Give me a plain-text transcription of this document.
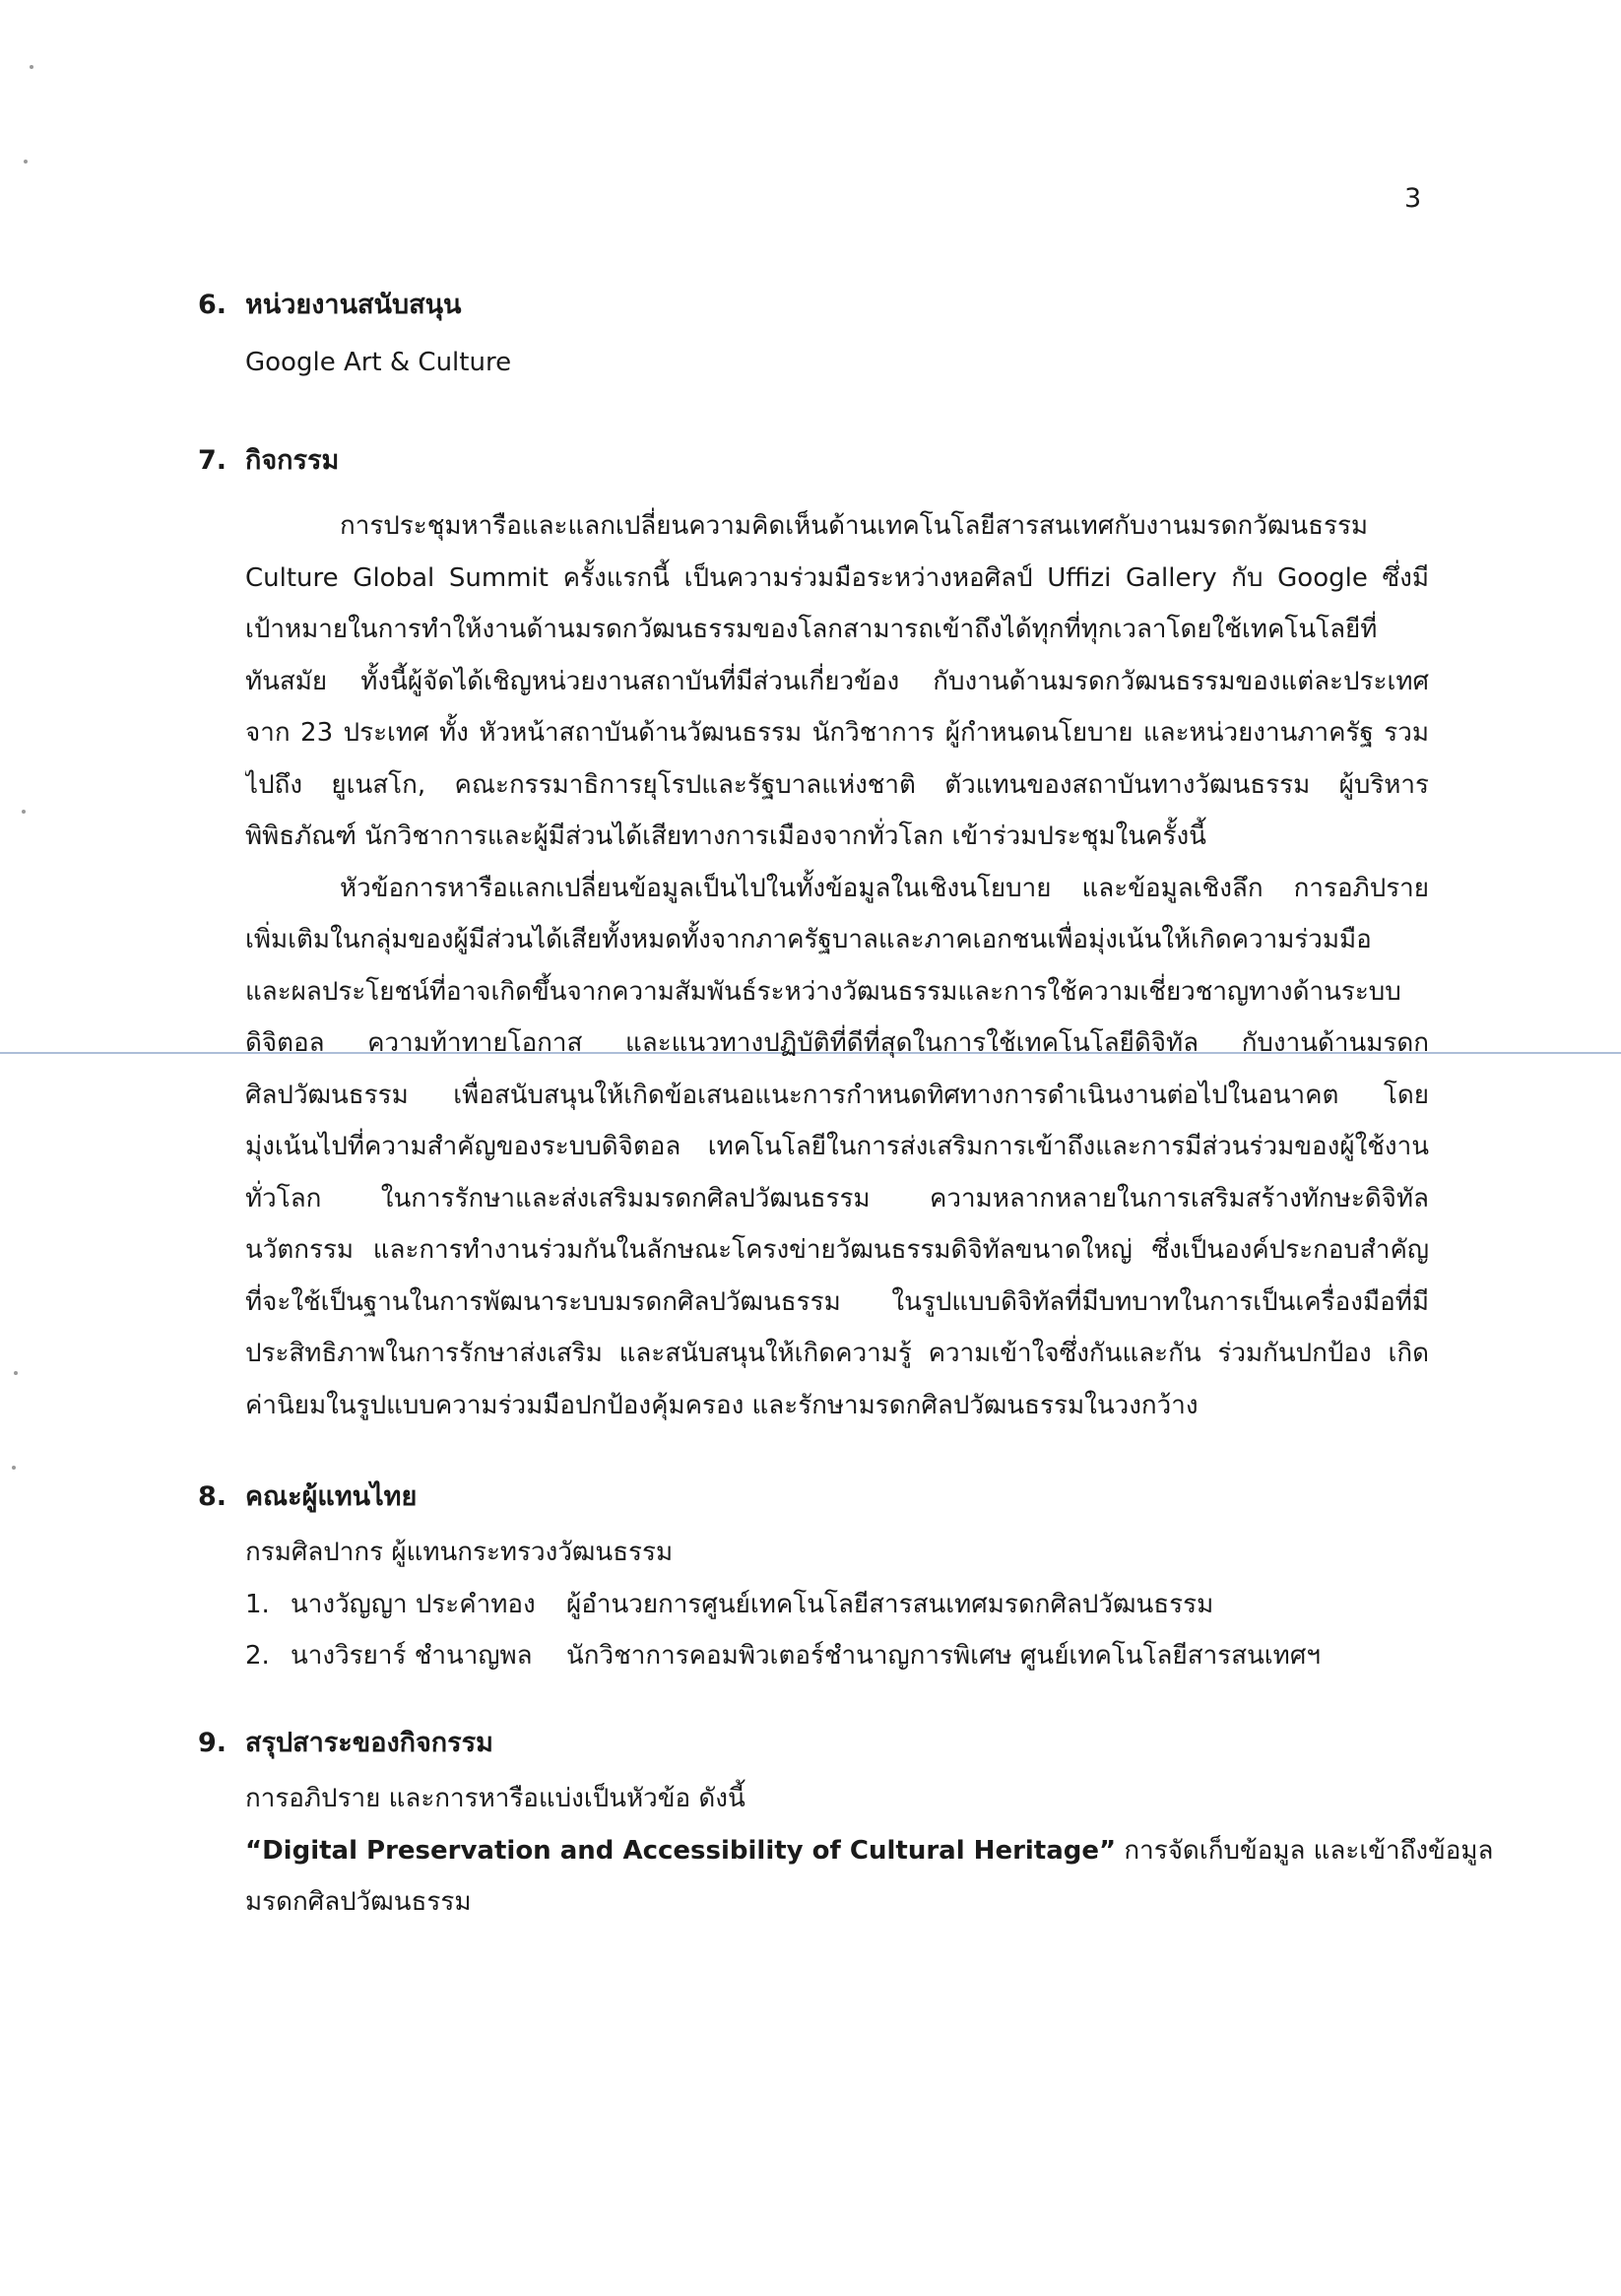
3
6. หน่วยงานสนับสนุน
Google Art & Culture
7. กิจกรรม
การประชุมหารือและแลกเปลี่ยนความคิดเห็นด้านเทคโนโลยีสารสนเทศกับงานมรดกวัฒนธรรม
Culture Global Summit ครั้งแรกนี้ เป็นความร่วมมือระหว่างหอศิลป์ Uffizi Gallery กับ Google ซึ่งมี
เป้าหมายในการทำให้งานด้านมรดกวัฒนธรรมของโลกสามารถเข้าถึงได้ทุกที่ทุกเวลาโดยใช้เทคโนโลยีที่
ทันสมัย ทั้งนี้ผู้จัดได้เชิญหน่วยงานสถาบันที่มีส่วนเกี่ยวข้อง กับงานด้านมรดกวัฒนธรรมของแต่ละประเทศ
จาก 23 ประเทศ ทั้ง หัวหน้าสถาบันด้านวัฒนธรรม นักวิชาการ ผู้กำหนดนโยบาย และหน่วยงานภาครัฐ รวม
ไปถึง ยูเนสโก, คณะกรรมาธิการยุโรปและรัฐบาลแห่งชาติ ตัวแทนของสถาบันทางวัฒนธรรม ผู้บริหาร
พิพิธภัณฑ์ นักวิชาการและผู้มีส่วนได้เสียทางการเมืองจากทั่วโลก เข้าร่วมประชุมในครั้งนี้
หัวข้อการหารือแลกเปลี่ยนข้อมูลเป็นไปในทั้งข้อมูลในเชิงนโยบาย และข้อมูลเชิงลึก การอภิปราย
เพิ่มเติมในกลุ่มของผู้มีส่วนได้เสียทั้งหมดทั้งจากภาครัฐบาลและภาคเอกชนเพื่อมุ่งเน้นให้เกิดความร่วมมือ
และผลประโยชน์ที่อาจเกิดขึ้นจากความสัมพันธ์ระหว่างวัฒนธรรมและการใช้ความเชี่ยวชาญทางด้านระบบ
ดิจิตอล ความท้าทายโอกาส และแนวทางปฏิบัติที่ดีที่สุดในการใช้เทคโนโลยีดิจิทัล กับงานด้านมรดก
ศิลปวัฒนธรรม เพื่อสนับสนุนให้เกิดข้อเสนอแนะการกำหนดทิศทางการดำเนินงานต่อไปในอนาคต โดย
มุ่งเน้นไปที่ความสำคัญของระบบดิจิตอล เทคโนโลยีในการส่งเสริมการเข้าถึงและการมีส่วนร่วมของผู้ใช้งาน
ทั่วโลก ในการรักษาและส่งเสริมมรดกศิลปวัฒนธรรม ความหลากหลายในการเสริมสร้างทักษะดิจิทัล
นวัตกรรม และการทำงานร่วมกันในลักษณะโครงข่ายวัฒนธรรมดิจิทัลขนาดใหญ่ ซึ่งเป็นองค์ประกอบสำคัญ
ที่จะใช้เป็นฐานในการพัฒนาระบบมรดกศิลปวัฒนธรรม ในรูปแบบดิจิทัลที่มีบทบาทในการเป็นเครื่องมือที่มี
ประสิทธิภาพในการรักษาส่งเสริม และสนับสนุนให้เกิดความรู้ ความเข้าใจซึ่งกันและกัน ร่วมกันปกป้อง เกิด
ค่านิยมในรูปแบบความร่วมมือปกป้องคุ้มครอง และรักษามรดกศิลปวัฒนธรรมในวงกว้าง
8. คณะผู้แทนไทย
กรมศิลปากร ผู้แทนกระทรวงวัฒนธรรม
1. นางวัญญา ประคำทอง ผู้อำนวยการศูนย์เทคโนโลยีสารสนเทศมรดกศิลปวัฒนธรรม
2. นางวิรยาร์ ชำนาญพล นักวิชาการคอมพิวเตอร์ชำนาญการพิเศษ ศูนย์เทคโนโลยีสารสนเทศฯ
9. สรุปสาระของกิจกรรม
การอภิปราย และการหารือแบ่งเป็นหัวข้อ ดังนี้
“Digital Preservation and Accessibility of Cultural Heritage” การจัดเก็บข้อมูล และเข้าถึงข้อมูล
มรดกศิลปวัฒนธรรม
